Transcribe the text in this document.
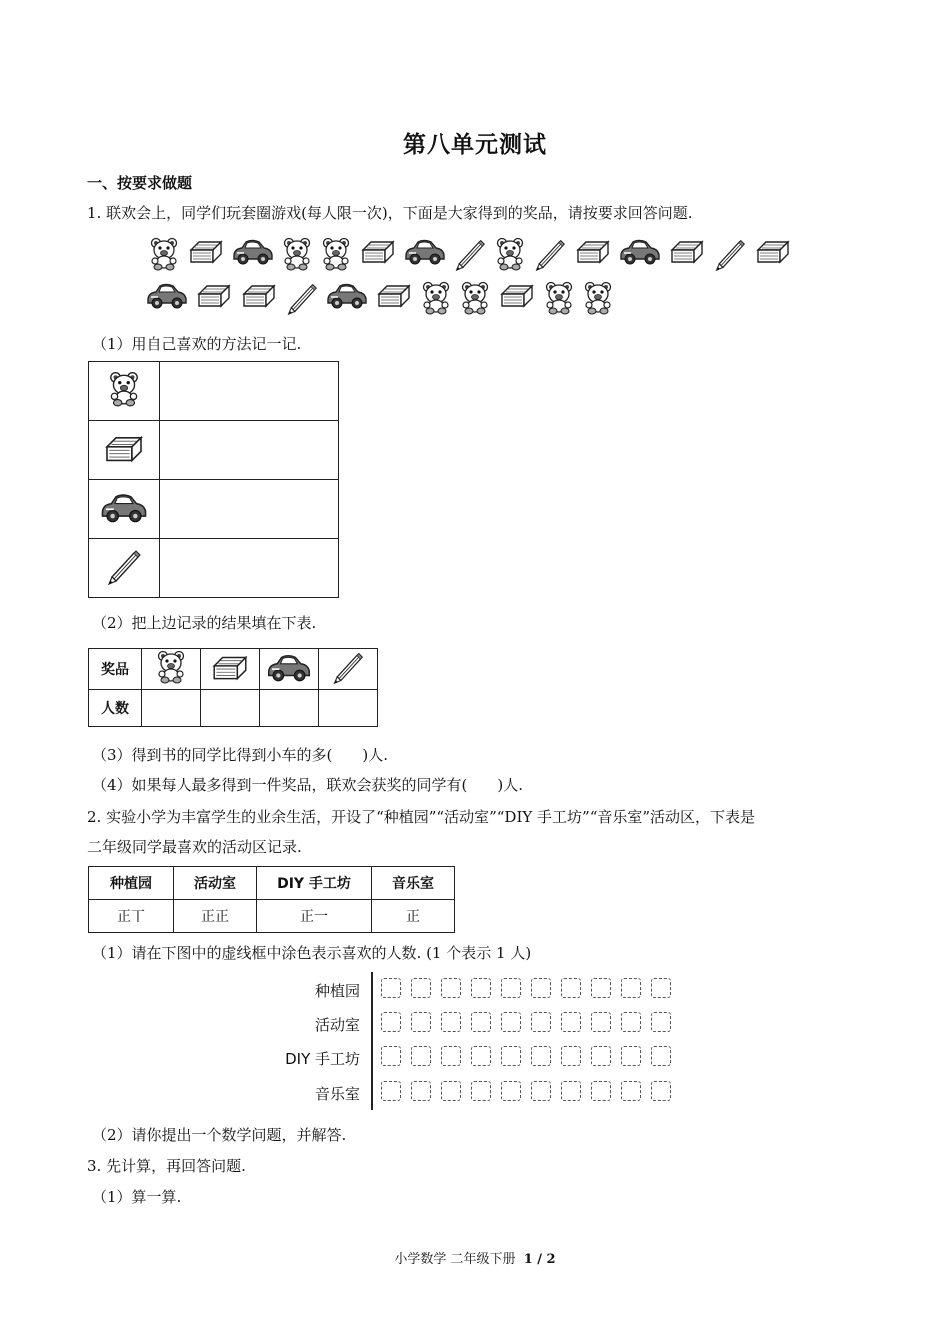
第八单元测试
一、按要求做题
1. 联欢会上，同学们玩套圈游戏(每人限一次)，下面是大家得到的奖品，请按要求回答问题.
（1）用自己喜欢的方法记一记.

（2）把上边记录的结果填在下表.
奖品				
人数				
（3）得到书的同学比得到小车的多(　　)人.
（4）如果每人最多得到一件奖品，联欢会获奖的同学有(　　)人.
2. 实验小学为丰富学生的业余生活，开设了“种植园”“活动室”“DIY 手工坊”“音乐室”活动区，下表是
二年级同学最喜欢的活动区记录.
种植园	活动室	DIY 手工坊	音乐室
正丅	正正	正一	正
（1）请在下图中的虚线框中涂色表示喜欢的人数. (1 个表示 1 人)
种植园
活动室
DIY 手工坊
音乐室
（2）请你提出一个数学问题，并解答.
3. 先计算，再回答问题.
（1）算一算.
小学数学 二年级下册 1 / 2
